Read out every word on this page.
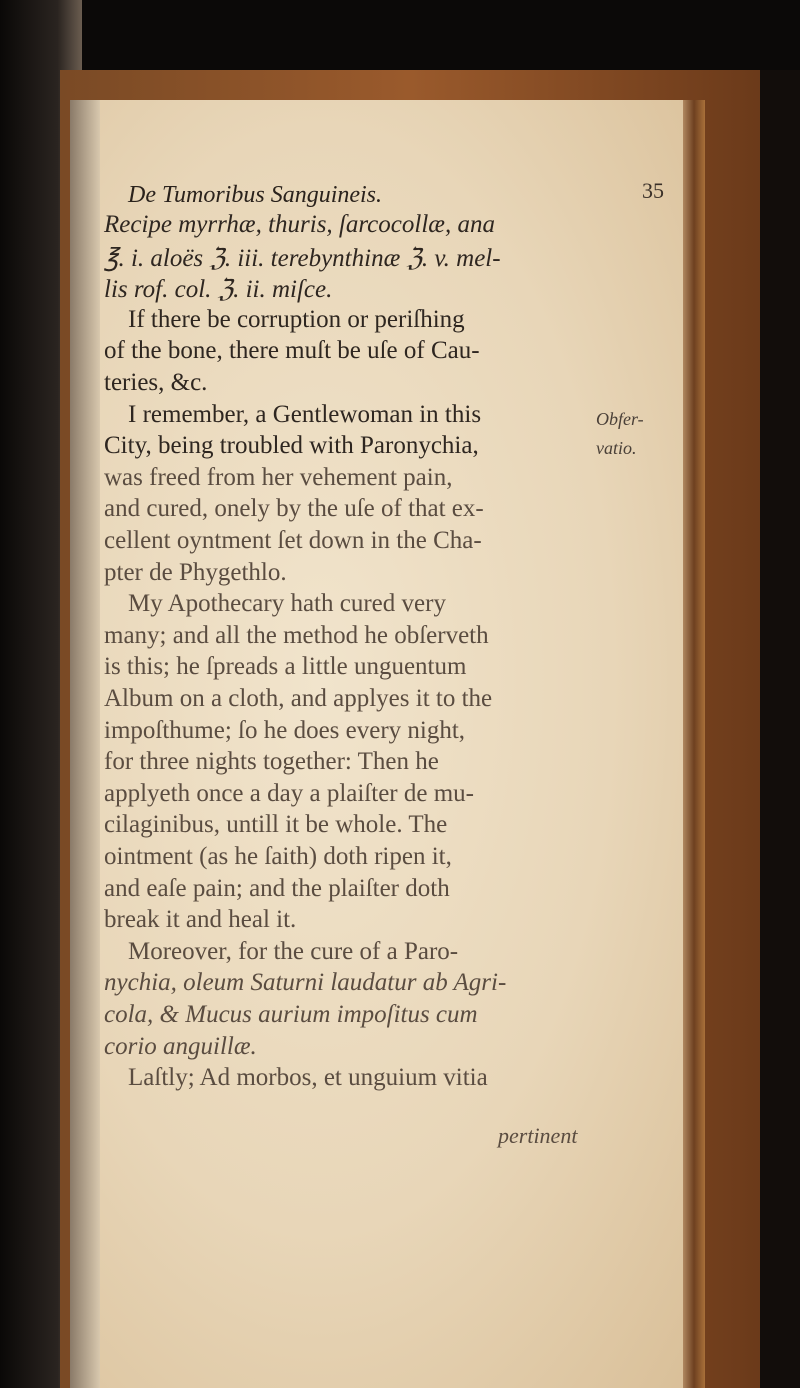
De Tumoribus Sanguineis.	35
Obfer-
vatio.
Recipe myrrhæ, thuris, ſarcocollæ, ana
℥. i. aloës ℨ. iii. terebynthinæ ℨ. v. mel-
lis rof. col. ℨ. ii. miſce.
If there be corruption or periſhing
of the bone, there muſt be uſe of Cau-
teries, &c.
I remember, a Gentlewoman in this
City, being troubled with Paronychia,
was freed from her vehement pain,
and cured, onely by the uſe of that ex-
cellent oyntment ſet down in the Cha-
pter de Phygethlo.
My Apothecary hath cured very
many; and all the method he obſerveth
is this; he ſpreads a little unguentum
Album on a cloth, and applyes it to the
impoſthume; ſo he does every night,
for three nights together: Then he
applyeth once a day a plaiſter de mu-
cilaginibus, untill it be whole. The
ointment (as he ſaith) doth ripen it,
and eaſe pain; and the plaiſter doth
break it and heal it.
Moreover, for the cure of a Paro-
nychia, oleum Saturni laudatur ab Agri-
cola, & Mucus aurium impoſitus cum
corio anguillæ.
Laſtly; Ad morbos, et unguium vitia
pertinent
